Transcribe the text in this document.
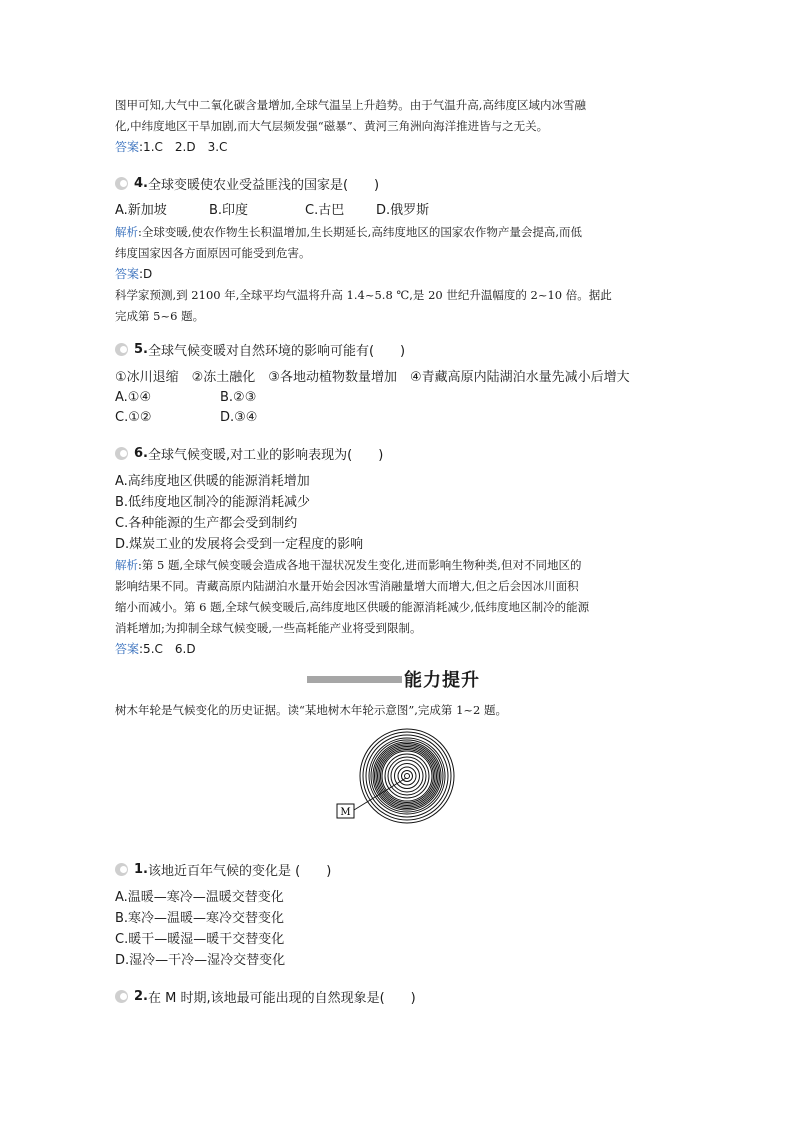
图甲可知,大气中二氧化碳含量增加,全球气温呈上升趋势。由于气温升高,高纬度区域内冰雪融
化,中纬度地区干旱加剧,而大气层频发强“磁暴”、黄河三角洲向海洋推进皆与之无关。
答案:1.C　2.D　3.C
4. 全球变暖使农业受益匪浅的国家是(　　)
A.新加坡	B.印度	C.古巴	D.俄罗斯
解析:全球变暖,使农作物生长积温增加,生长期延长,高纬度地区的国家农作物产量会提高,而低
纬度国家因各方面原因可能受到危害。
答案:D
科学家预测,到 2100 年,全球平均气温将升高 1.4~5.8 ℃,是 20 世纪升温幅度的 2~10 倍。据此
完成第 5~6 题。
5. 全球气候变暖对自然环境的影响可能有(　　)
①冰川退缩　②冻土融化　③各地动植物数量增加　④青藏高原内陆湖泊水量先减小后增大
A.①④	B.②③
C.①②	D.③④
6. 全球气候变暖,对工业的影响表现为(　　)
A.高纬度地区供暖的能源消耗增加
B.低纬度地区制冷的能源消耗减少
C.各种能源的生产都会受到制约
D.煤炭工业的发展将会受到一定程度的影响
解析:第 5 题,全球气候变暖会造成各地干湿状况发生变化,进而影响生物种类,但对不同地区的
影响结果不同。青藏高原内陆湖泊水量开始会因冰雪消融量增大而增大,但之后会因冰川面积
缩小而减小。第 6 题,全球气候变暖后,高纬度地区供暖的能源消耗减少,低纬度地区制冷的能源
消耗增加;为抑制全球气候变暖,一些高耗能产业将受到限制。
答案:5.C　6.D
能力提升
树木年轮是气候变化的历史证据。读“某地树木年轮示意图”,完成第 1~2 题。
M
1. 该地近百年气候的变化是 (　　)
A.温暖—寒冷—温暖交替变化
B.寒冷—温暖—寒冷交替变化
C.暖干—暖湿—暖干交替变化
D.湿冷—干冷—湿冷交替变化
2. 在 M 时期,该地最可能出现的自然现象是(　　)
